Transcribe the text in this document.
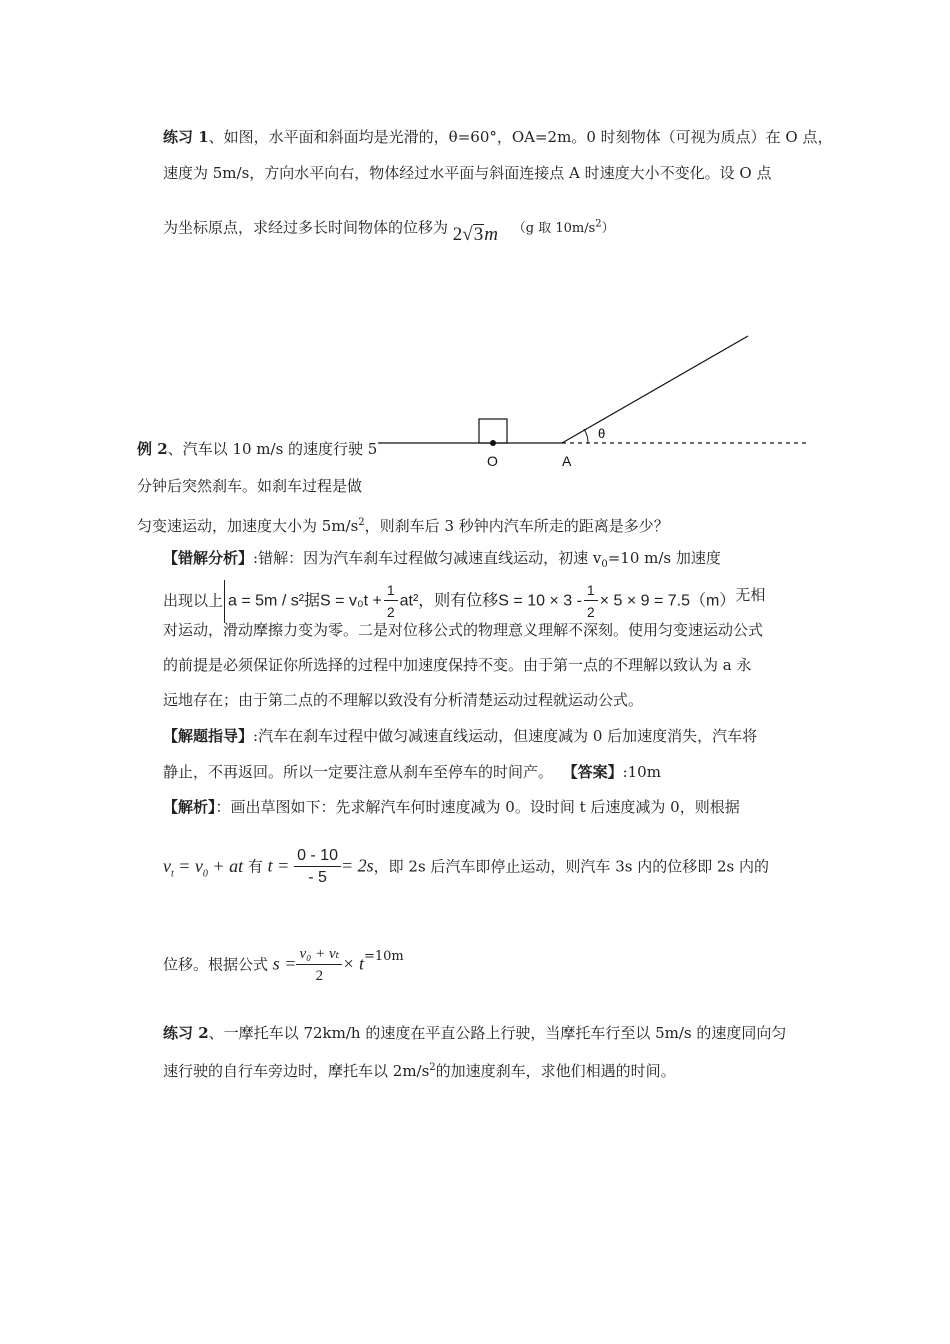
练习 1、如图，水平面和斜面均是光滑的，θ=60°，OA=2m。0 时刻物体（可视为质点）在 O 点，
速度为 5m/s，方向水平向右，物体经过水平面与斜面连接点 A 时速度大小不变化。设 O 点
为坐标原点，求经过多长时间物体的位移为 2√3m （g 取 $10m/s^2$）
O	A
θ
例 2、汽车以 10 m/s 的速度行驶 5
分钟后突然刹车。如刹车过程是做
匀变速运动，加速度大小为 $5m/s^2$，则刹车后 3 秒钟内汽车所走的距离是多少？
【错解分析】:错解：因为汽车刹车过程做匀减速直线运动，初速 $v_0=10$ m/s 加速度
出现以上 a = 5m / s²据$S = v_0t + \frac{1}{2} at^2$，则有位移$S = 10 \times 3 - \frac{1}{2} \times 5 \times 9 = 7.5(m)$无相
对运动，滑动摩擦力变为零。二是对位移公式的物理意义理解不深刻。使用匀变速运动公式
的前提是必须保证你所选择的过程中加速度保持不变。由于第一点的不理解以致认为 a 永
远地存在；由于第二点的不理解以致没有分析清楚运动过程就运动公式。
【解题指导】:汽车在刹车过程中做匀减速直线运动，但速度减为 0 后加速度消失，汽车将
静止，不再返回。所以一定要注意从刹车至停车的时间产。 【答案】:10m
【解析】：画出草图如下：先求解汽车何时速度减为 0。设时间 t 后速度减为 0，则根据
$v_t = v_0$ + at 有 $t = \frac{0 - 10}{- 5} = 2s$，即 2s 后汽车即停止运动，则汽车 3s 内的位移即 2s 内的
位移。根据公式 $s = \frac{\text{v₀ + vₜ}}{2} \times t=10m$
练习 2、一摩托车以 72km/h 的速度在平直公路上行驶，当摩托车行至以 5m/s 的速度同向匀
速行驶的自行车旁边时，摩托车以 $2m/s^2$的加速度刹车，求他们相遇的时间。
